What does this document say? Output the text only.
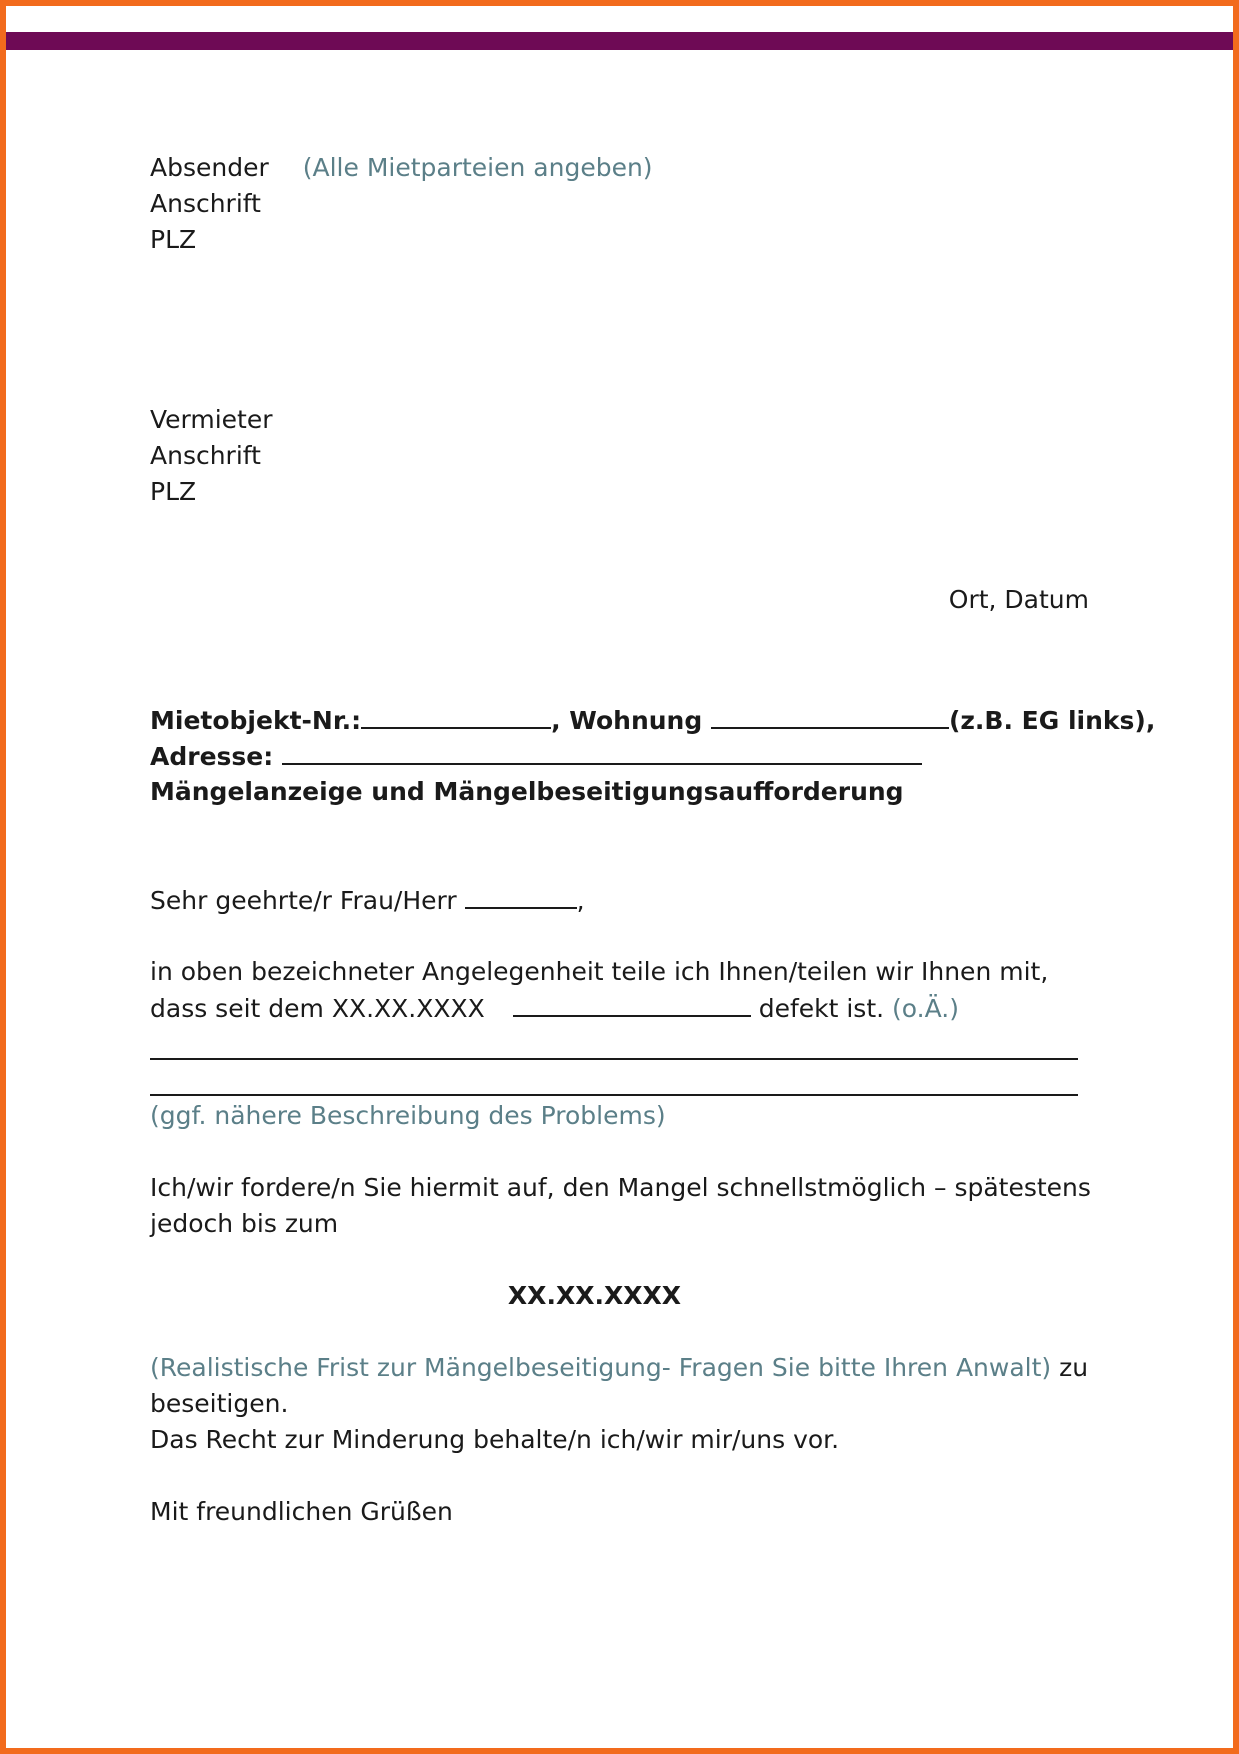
Absender (Alle Mietparteien angeben)
Anschrift
PLZ
Vermieter
Anschrift
PLZ
Ort, Datum
Mietobjekt-Nr.:	, Wohnung	(z.B. EG links),
Adresse:
Mängelanzeige und Mängelbeseitigungsaufforderung
Sehr geehrte/r Frau/Herr	,
in oben bezeichneter Angelegenheit teile ich Ihnen/teilen wir Ihnen mit,
dass seit dem XX.XX.XXXX	defekt ist. (o.Ä.)
(ggf. nähere Beschreibung des Problems)
Ich/wir fordere/n Sie hiermit auf, den Mangel schnellstmöglich – spätestens
jedoch bis zum
XX.XX.XXXX
(Realistische Frist zur Mängelbeseitigung- Fragen Sie bitte Ihren Anwalt) zu
beseitigen.
Das Recht zur Minderung behalte/n ich/wir mir/uns vor.
Mit freundlichen Grüßen
